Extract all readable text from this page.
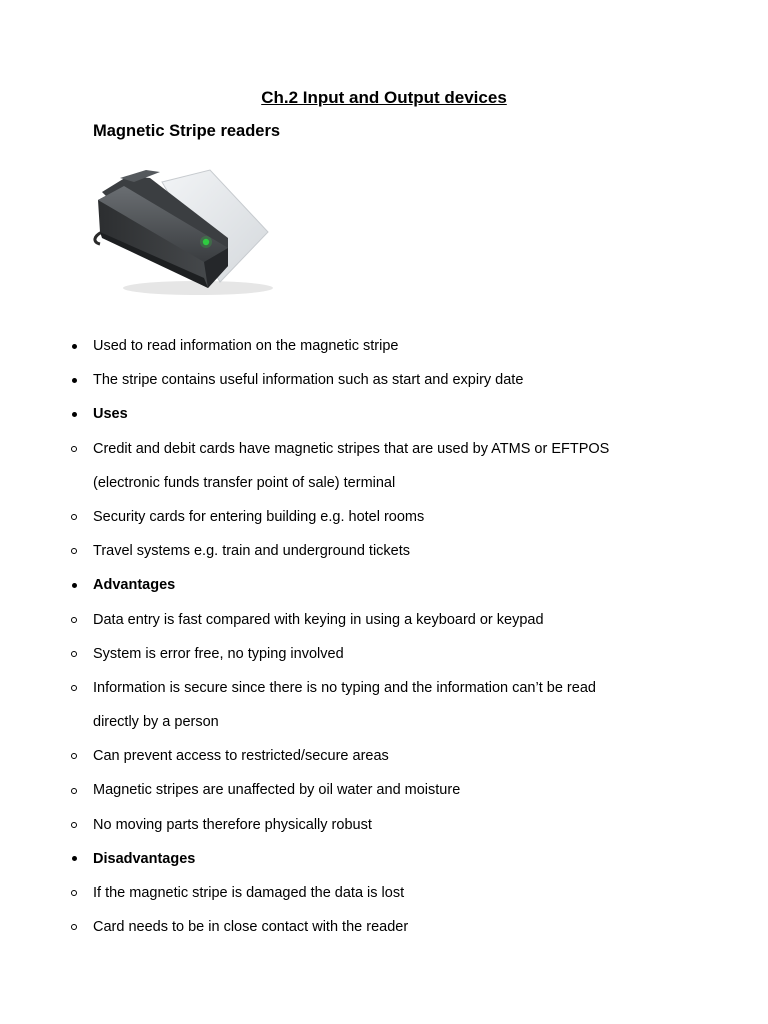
Ch.2 Input and Output devices
Magnetic Stripe readers
Used to read information on the magnetic stripe
The stripe contains useful information such as start and expiry date
Uses
Credit and debit cards have magnetic stripes that are used by ATMS or EFTPOS
(electronic funds transfer point of sale) terminal
Security cards for entering building e.g. hotel rooms
Travel systems e.g. train and underground tickets
Advantages
Data entry is fast compared with keying in using a keyboard or keypad
System is error free, no typing involved
Information is secure since there is no typing and the information can’t be read
directly by a person
Can prevent access to restricted/secure areas
Magnetic stripes are unaffected by oil water and moisture
No moving parts therefore physically robust
Disadvantages
If the magnetic stripe is damaged the data is lost
Card needs to be in close contact with the reader
